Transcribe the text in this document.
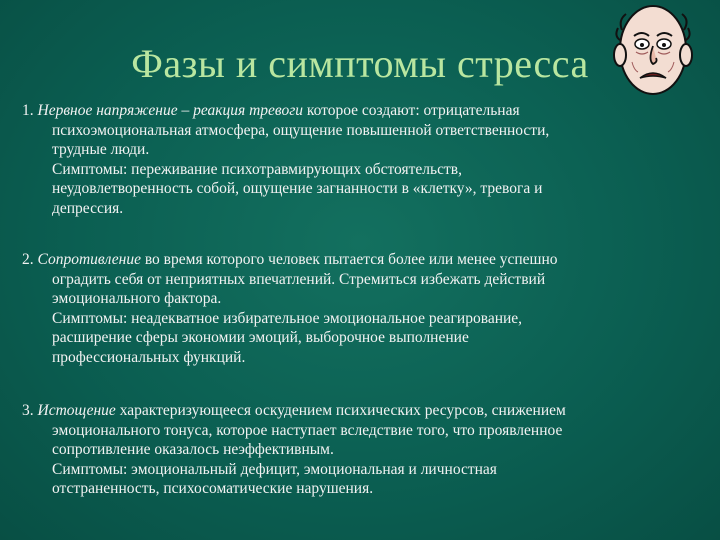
Фазы и симптомы стресса

1. Нервное напряжение – реакция тревоги которое создают: отрицательная

психоэмоциональная атмосфера, ощущение повышенной ответственности,

трудные люди.

Симптомы: переживание психотравмирующих обстоятельств,

неудовлетворенность собой, ощущение загнанности в «клетку», тревога и

депрессия.

2. Сопротивление во время которого человек пытается более или менее успешно

оградить себя от неприятных впечатлений. Стремиться избежать действий

эмоционального фактора.

Симптомы: неадекватное избирательное эмоциональное реагирование,

расширение сферы экономии эмоций, выборочное выполнение

профессиональных функций.

3. Истощение характеризующееся оскудением психических ресурсов, снижением

эмоционального тонуса, которое наступает вследствие того, что проявленное

сопротивление оказалось неэффективным.

Симптомы: эмоциональный дефицит, эмоциональная и личностная

отстраненность, психосоматические нарушения.
